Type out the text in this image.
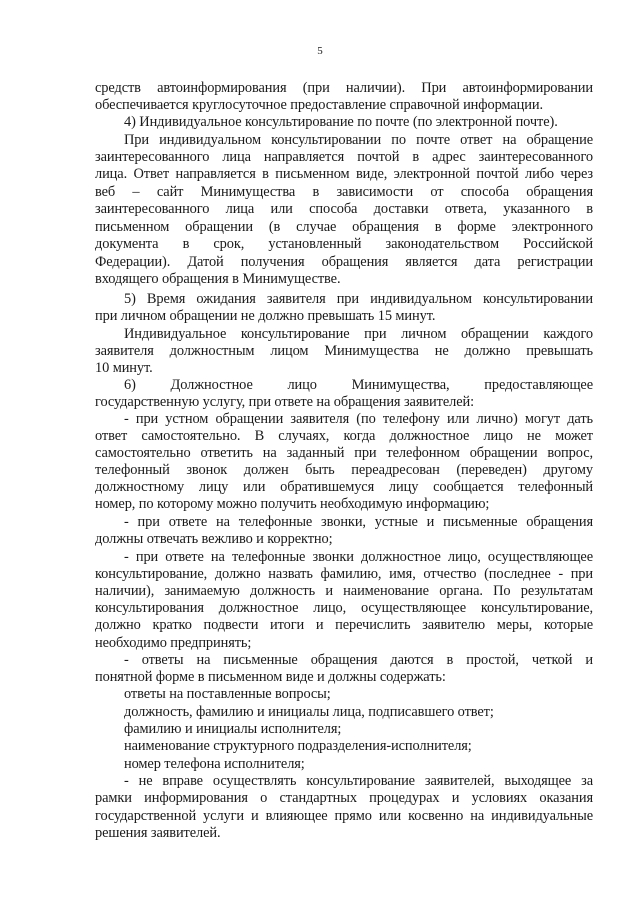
5
средств автоинформирования (при наличии). При автоинформировании
обеспечивается круглосуточное предоставление справочной информации.
4) Индивидуальное консультирование по почте (по электронной почте).
При индивидуальном консультировании по почте ответ на обращение
заинтересованного лица направляется почтой в адрес заинтересованного
лица. Ответ направляется в письменном виде, электронной почтой либо через
веб – сайт Минимущества в зависимости от способа обращения
заинтересованного лица или способа доставки ответа, указанного в
письменном обращении (в случае обращения в форме электронного
документа в срок, установленный законодательством Российской
Федерации). Датой получения обращения является дата регистрации
входящего обращения в Минимуществе.
5) Время ожидания заявителя при индивидуальном консультировании
при личном обращении не должно превышать 15 минут.
Индивидуальное консультирование при личном обращении каждого
заявителя должностным лицом Минимущества не должно превышать
10 минут.
6) Должностное лицо Минимущества, предоставляющее
государственную услугу, при ответе на обращения заявителей:
- при устном обращении заявителя (по телефону или лично) могут дать
ответ самостоятельно. В случаях, когда должностное лицо не может
самостоятельно ответить на заданный при телефонном обращении вопрос,
телефонный звонок должен быть переадресован (переведен) другому
должностному лицу или обратившемуся лицу сообщается телефонный
номер, по которому можно получить необходимую информацию;
- при ответе на телефонные звонки, устные и письменные обращения
должны отвечать вежливо и корректно;
- при ответе на телефонные звонки должностное лицо, осуществляющее
консультирование, должно назвать фамилию, имя, отчество (последнее - при
наличии), занимаемую должность и наименование органа. По результатам
консультирования должностное лицо, осуществляющее консультирование,
должно кратко подвести итоги и перечислить заявителю меры, которые
необходимо предпринять;
- ответы на письменные обращения даются в простой, четкой и
понятной форме в письменном виде и должны содержать:
ответы на поставленные вопросы;
должность, фамилию и инициалы лица, подписавшего ответ;
фамилию и инициалы исполнителя;
наименование структурного подразделения-исполнителя;
номер телефона исполнителя;
- не вправе осуществлять консультирование заявителей, выходящее за
рамки информирования о стандартных процедурах и условиях оказания
государственной услуги и влияющее прямо или косвенно на индивидуальные
решения заявителей.
